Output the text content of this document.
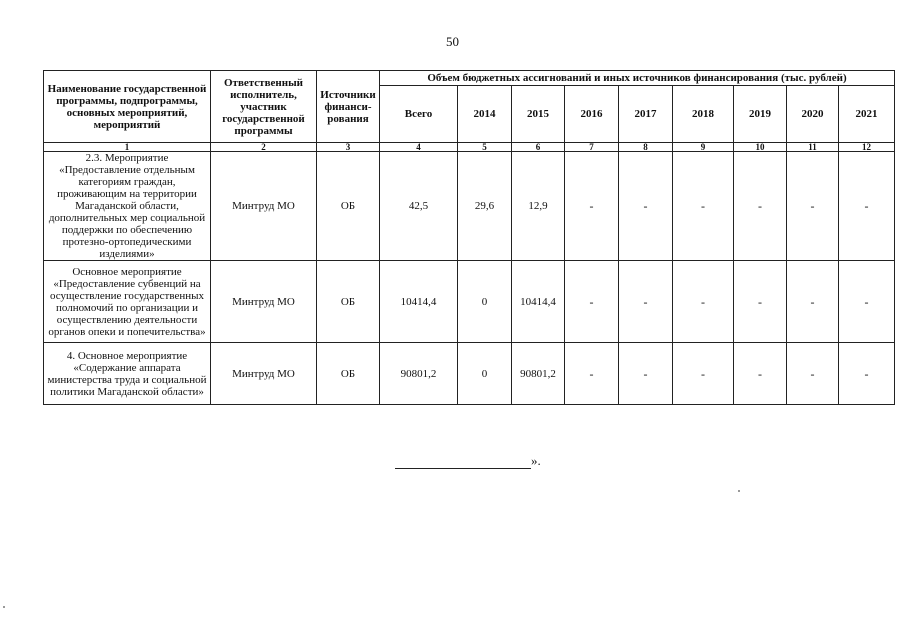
50
Наименование государственной программы, подпрограммы, основных мероприятий, мероприятий	Ответственный исполнитель, участник государственной программы	Источники финанси-рования	Объем бюджетных ассигнований и иных источников финансирования (тыс. рублей)								
			Всего	2014	2015	2016	2017	2018	2019	2020	2021
1	2	3	4	5	6	7	8	9	10	11	12
2.3. Мероприятие «Предоставление отдельным категориям граждан, проживающим на территории Магаданской области, дополнительных мер социальной поддержки по обеспечению протезно-ортопедическими изделиями»	Минтруд МО	ОБ	42,5	29,6	12,9	-	-	-	-	-	-
Основное мероприятие «Предоставление субвенций на осуществление государственных полномочий по организации и осуществлению деятельности органов опеки и попечительства»	Минтруд МО	ОБ	10414,4	0	10414,4	-	-	-	-	-	-
4. Основное мероприятие «Содержание аппарата министерства труда и социальной политики Магаданской области»	Минтруд МО	ОБ	90801,2	0	90801,2	-	-	-	-	-	-
».
